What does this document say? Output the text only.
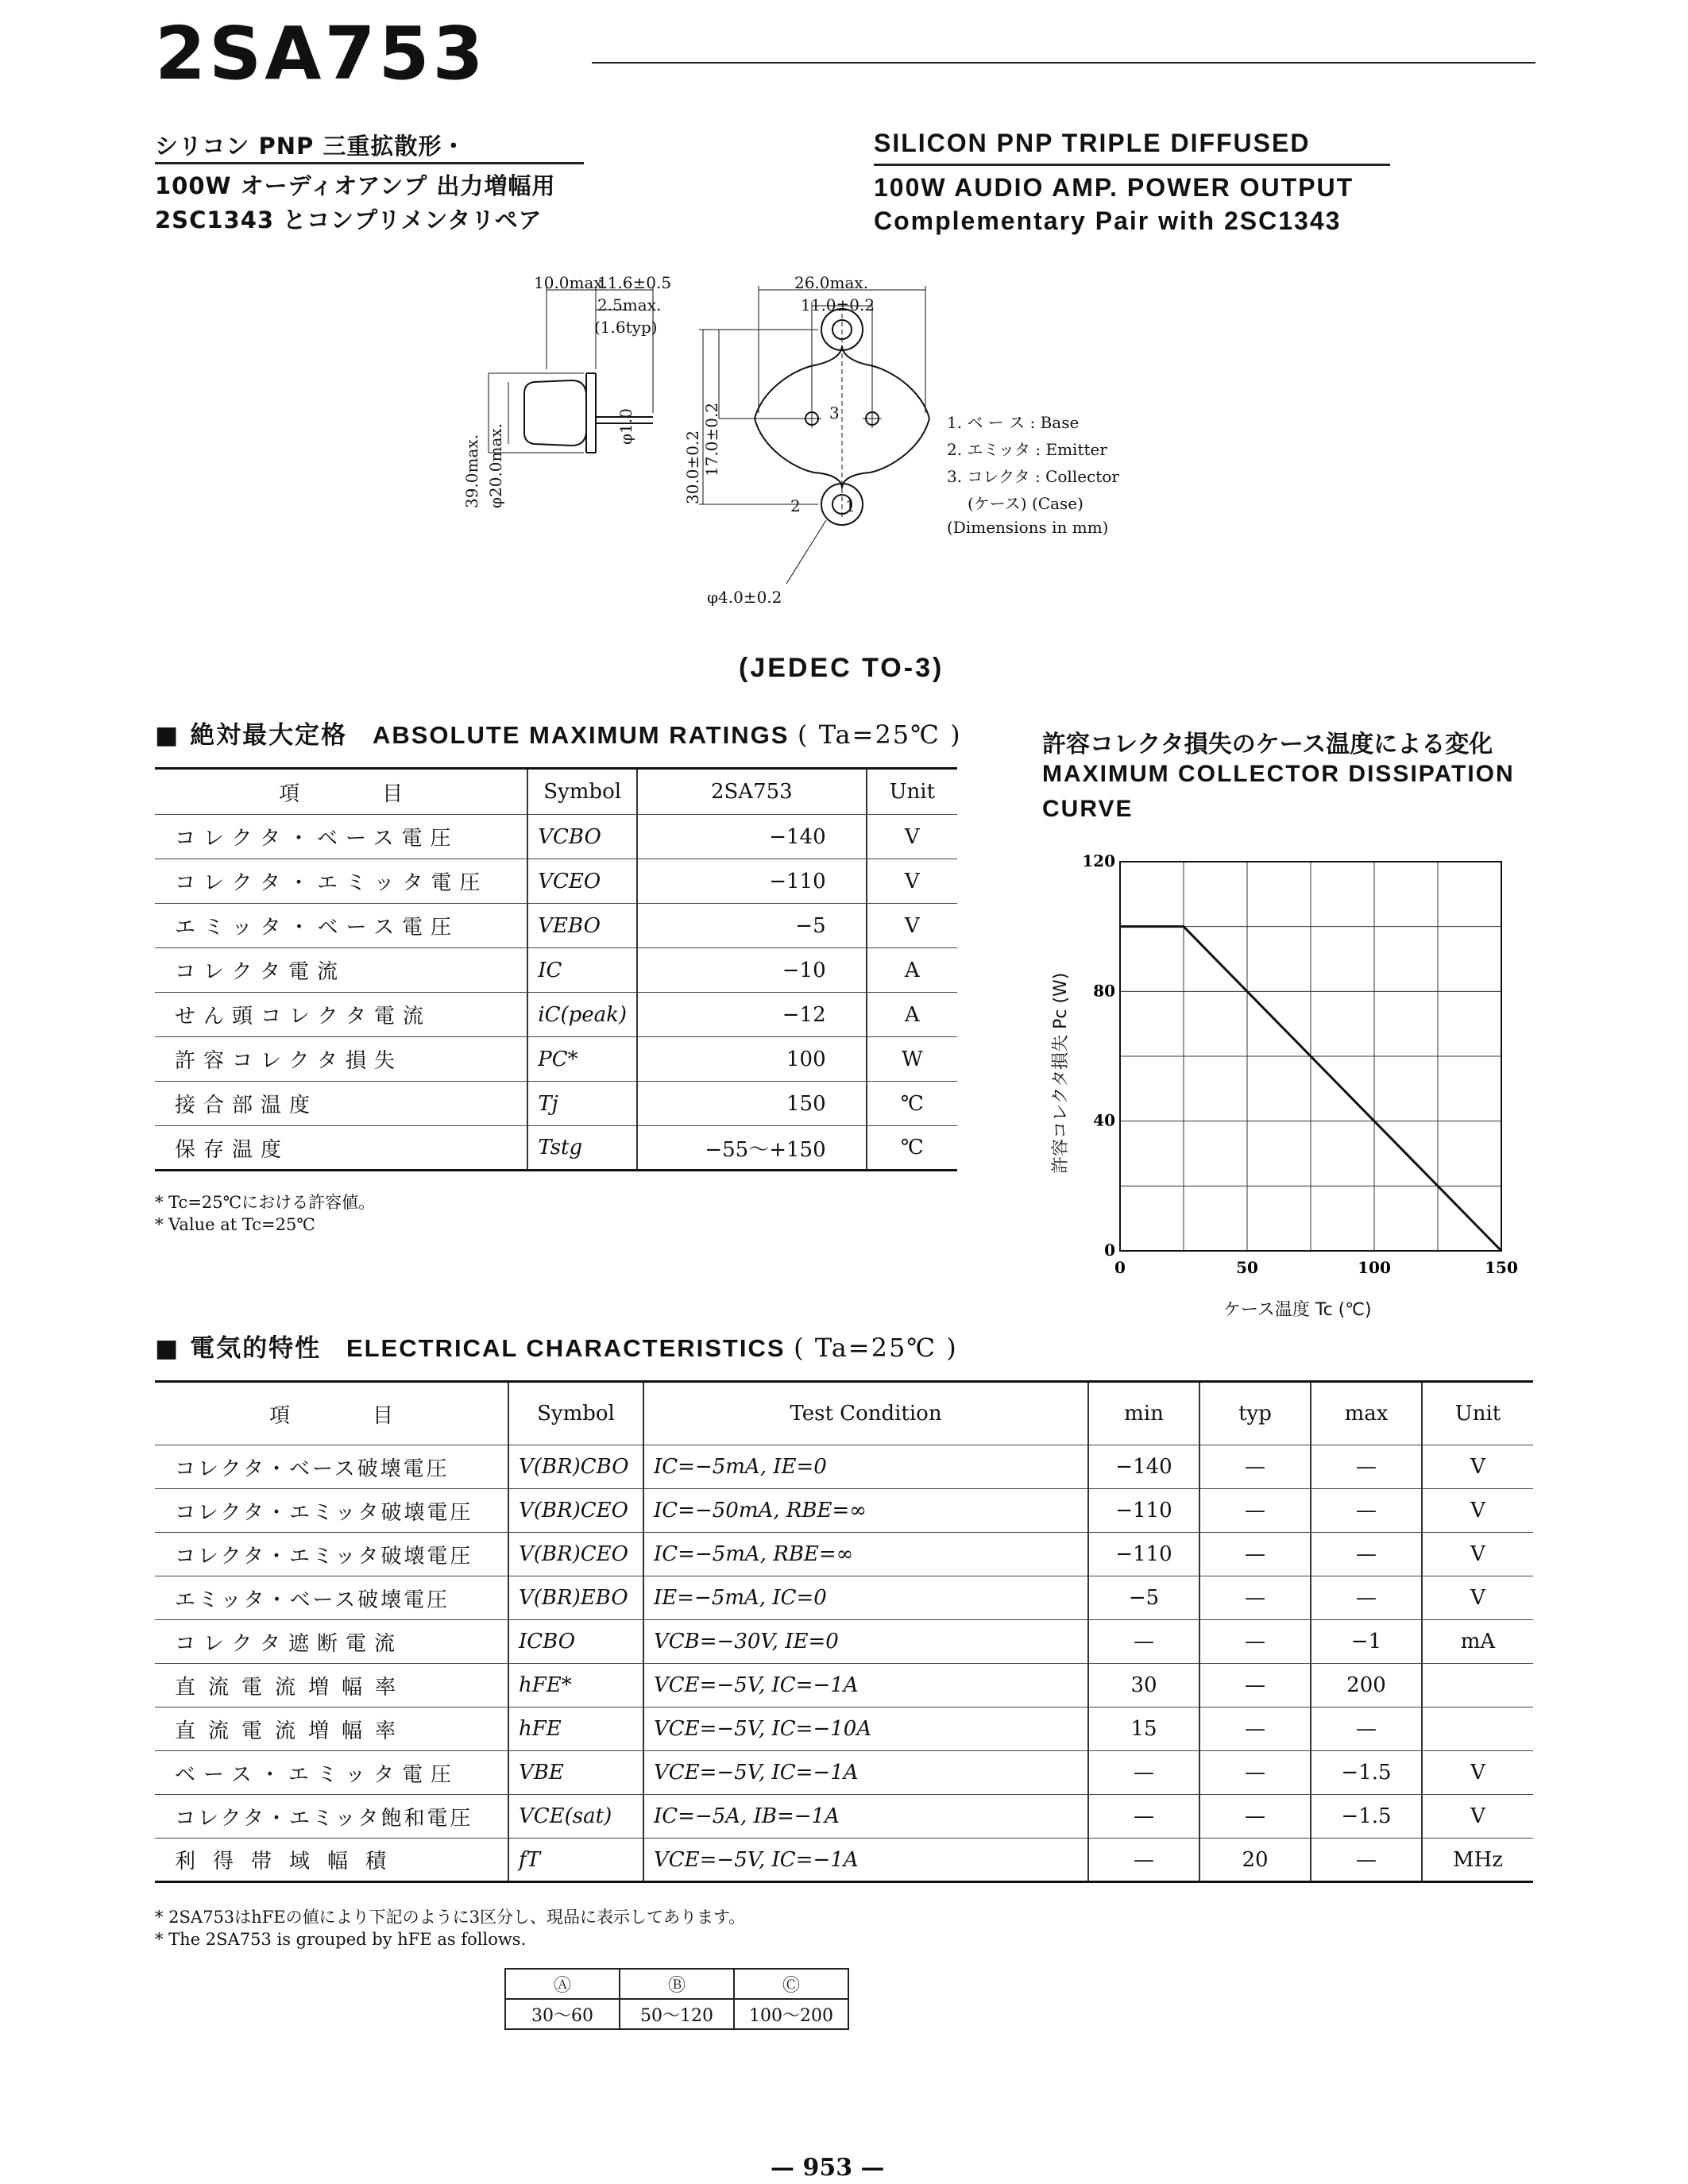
2SA753
シリコン PNP 三重拡散形・
100W オーディオアンプ 出力増幅用
2SC1343 とコンプリメンタリペア
SILICON PNP TRIPLE DIFFUSED
100W AUDIO AMP. POWER OUTPUT
Complementary Pair with 2SC1343
10.0max.
11.6±0.5
2.5max.
(1.6typ)
φ1.0
39.0max. φ20.0max.
26.0max.
11.0±0.2
30.0±0.2 17.0±0.2
φ4.0±0.2
3
2	1
1. ベ ー ス : Base
2. エミッタ : Emitter
3. コレクタ : Collector
(ケース) (Case)
(Dimensions in mm)
(JEDEC TO-3)
■ 絶対最大定格 ABSOLUTE MAXIMUM RATINGS ( Ta=25℃ )
項　　　　目	Symbol	2SA753	Unit
コレクタ・ベース電圧	VCBO	−140	V
コレクタ・エミッタ電圧	VCEO	−110	V
エミッタ・ベース電圧	VEBO	−5	V
コレクタ電流	IC	−10	A
せん頭コレクタ電流	iC(peak)	−12	A
許容コレクタ損失	PC*	100	W
接合部温度	Tj	150	℃
保存温度	Tstg	−55〜+150	℃
* Tc=25℃における許容値。
* Value at Tc=25℃
許容コレクタ損失のケース温度による変化
MAXIMUM COLLECTOR DISSIPATION
CURVE
0	50	100	150
0
40
80
120
ケース温度 Tc (℃)
許容コレクタ損失 Pc (W)
■ 電気的特性 ELECTRICAL CHARACTERISTICS ( Ta=25℃ )
項　　　　目	Symbol	Test Condition	min	typ	max	Unit
コレクタ・ベース破壊電圧	V(BR)CBO	IC=−5mA, IE=0	−140	—	—	V
コレクタ・エミッタ破壊電圧	V(BR)CEO	IC=−50mA, RBE=∞	−110	—	—	V
コレクタ・エミッタ破壊電圧	V(BR)CEO	IC=−5mA, RBE=∞	−110	—	—	V
エミッタ・ベース破壊電圧	V(BR)EBO	IE=−5mA, IC=0	−5	—	—	V
コレクタ遮断電流	ICBO	VCB=−30V, IE=0	—	—	−1	mA
直流電流増幅率	hFE*	VCE=−5V, IC=−1A	30	—	200	
直流電流増幅率	hFE	VCE=−5V, IC=−10A	15	—	—	
ベース・エミッタ電圧	VBE	VCE=−5V, IC=−1A	—	—	−1.5	V
コレクタ・エミッタ飽和電圧	VCE(sat)	IC=−5A, IB=−1A	—	—	−1.5	V
利得帯域幅積	fT	VCE=−5V, IC=−1A	—	20	—	MHz
* 2SA753はhFEの値により下記のように3区分し、現品に表示してあります。
* The 2SA753 is grouped by hFE as follows.
Ⓐ	Ⓑ	Ⓒ
30〜60	50〜120	100〜200
— 953 —
